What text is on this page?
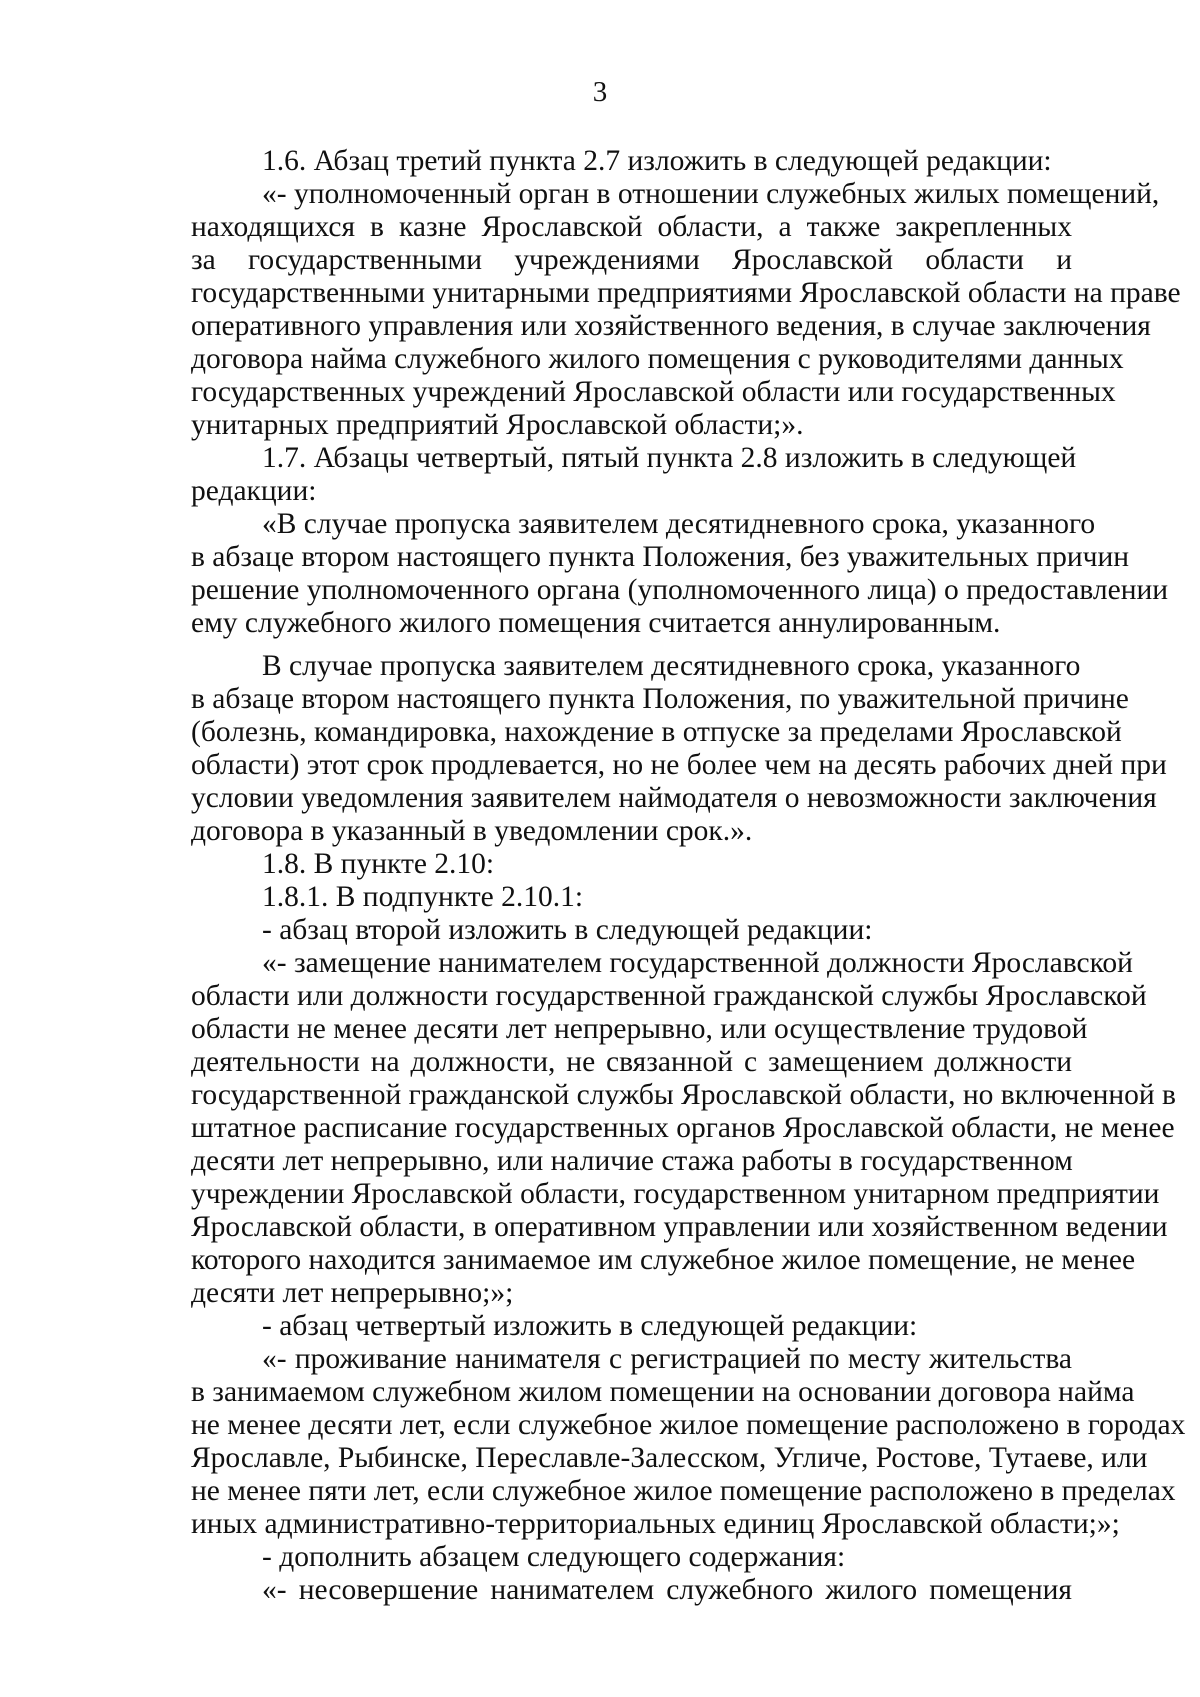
3
1.6. Абзац третий пункта 2.7 изложить в следующей редакции:
«- уполномоченный орган в отношении служебных жилых помещений,
находящихся в казне Ярославской области, а также закрепленных
за государственными учреждениями Ярославской области и
государственными унитарными предприятиями Ярославской области на праве
оперативного управления или хозяйственного ведения, в случае заключения
договора найма служебного жилого помещения с руководителями данных
государственных учреждений Ярославской области или государственных
унитарных предприятий Ярославской области;».
1.7. Абзацы четвертый, пятый пункта 2.8 изложить в следующей
редакции:
«В случае пропуска заявителем десятидневного срока, указанного
в абзаце втором настоящего пункта Положения, без уважительных причин
решение уполномоченного органа (уполномоченного лица) о предоставлении
ему служебного жилого помещения считается аннулированным.
В случае пропуска заявителем десятидневного срока, указанного
в абзаце втором настоящего пункта Положения, по уважительной причине
(болезнь, командировка, нахождение в отпуске за пределами Ярославской
области) этот срок продлевается, но не более чем на десять рабочих дней при
условии уведомления заявителем наймодателя о невозможности заключения
договора в указанный в уведомлении срок.».
1.8. В пункте 2.10:
1.8.1. В подпункте 2.10.1:
- абзац второй изложить в следующей редакции:
«- замещение нанимателем государственной должности Ярославской
области или должности государственной гражданской службы Ярославской
области не менее десяти лет непрерывно, или осуществление трудовой
деятельности на должности, не связанной с замещением должности
государственной гражданской службы Ярославской области, но включенной в
штатное расписание государственных органов Ярославской области, не менее
десяти лет непрерывно, или наличие стажа работы в государственном
учреждении Ярославской области, государственном унитарном предприятии
Ярославской области, в оперативном управлении или хозяйственном ведении
которого находится занимаемое им служебное жилое помещение, не менее
десяти лет непрерывно;»;
- абзац четвертый изложить в следующей редакции:
«- проживание нанимателя с регистрацией по месту жительства
в занимаемом служебном жилом помещении на основании договора найма
не менее десяти лет, если служебное жилое помещение расположено в городах
Ярославле, Рыбинске, Переславле-Залесском, Угличе, Ростове, Тутаеве, или
не менее пяти лет, если служебное жилое помещение расположено в пределах
иных административно-территориальных единиц Ярославской области;»;
- дополнить абзацем следующего содержания:
«- несовершение нанимателем служебного жилого помещения
